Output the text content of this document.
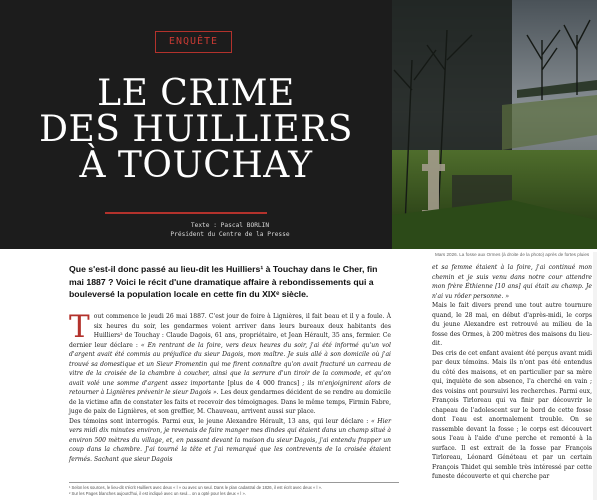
ENQUÊTE
LE CRIME
DES HUILLIERS
À TOUCHAY
Texte : Pascal BORLIN
Président du Centre de la Presse
Mars 2026. La fosse aux Ormes (à droite de la photo) après de fortes pluies
Que s'est-il donc passé au lieu-dit les Huilliers¹ à Touchay dans le Cher, fin mai 1887 ? Voici le récit d'une dramatique affaire à rebondissements qui a bouleversé la population locale en cette fin du XIXᵉ siècle.

T out commence le jeudi 26 mai 1887. C'est jour de foire à Lignières, il fait beau et il y a foule. À six heures du soir, les gendarmes voient arriver dans leurs bureaux deux habitants des Huilliers² de Touchay : Claude Dagois, 61 ans, propriétaire, et Jean Hérault, 35 ans, fermier. Ce dernier leur déclare : « En rentrant de la foire, vers deux heures du soir, j'ai été informé qu'un vol d'argent avait été commis au préjudice du sieur Dagois, mon maître. Je suis allé à son domicile où j'ai trouvé sa domestique et un Sieur Fromentin qui me firent connaître qu'on avait fracturé un carreau de vitre de la croisée de la chambre à coucher, ainsi que la serrure d'un tiroir de la commode, et qu'on avait volé une somme d'argent assez importante [plus de 4 000 francs] ; ils m'enjoignirent alors de retourner à Lignières prévenir le sieur Dagois ». Les deux gendarmes décident de se rendre au domicile de la victime afin de constater les faits et recevoir des témoignages. Dans le même temps, Firmin Fabre, juge de paix de Lignières, et son greffier, M. Chauveau, arrivent aussi sur place.

Des témoins sont interrogés. Parmi eux, le jeune Alexandre Hérault, 13 ans, qui leur déclare : « Hier vers midi dix minutes environ, je revenais de faire manger mes dindes qui étaient dans un champ situé à environ 500 mètres du village, et, en passant devant la maison du sieur Dagois, j'ai entendu frapper un coup dans la chambre. J'ai tourné la tête et j'ai remarqué que les contrevents de la croisée étaient fermés. Sachant que sieur Dagois

¹ Selon les sources, le lieu-dit s'écrit Huilliers avec deux « l » ou avec un seul. Dans le plan cadastral de 1826, il est écrit avec deux « l ».
² Sur les Pages blanches aujourd'hui, il est indiqué avec un seul... on a opté pour les deux « l ».

et sa femme étaient à la foire, j'ai continué mon chemin et je suis venu dans notre cour attendre mon frère Éthienne [10 ans] qui était au champ. Je n'ai vu rôder personne. »

Mais le fait divers prend une tout autre tournure quand, le 28 mai, en début d'après-midi, le corps du jeune Alexandre est retrouvé au milieu de la fosse des Ormes, à 200 mètres des maisons du lieu-dit.

Des cris de cet enfant avaient été perçus avant midi par deux témoins. Mais ils n'ont pas été entendus du côté des maisons, et en particulier par sa mère qui, inquiète de son absence, l'a cherché en vain ; des voisins ont poursuivi les recherches. Parmi eux, François Tirloreau qui va finir par découvrir le chapeau de l'adolescent sur le bord de cette fosse dont l'eau est anormalement trouble. On se rassemble devant la fosse ; le corps est découvert sous l'eau à l'aide d'une perche et remonté à la surface. Il est extrait de la fosse par François Tirloreau, Léonard Généteau et par un certain François Thidet qui semble très intéressé par cette funeste découverte et qui cherche par
